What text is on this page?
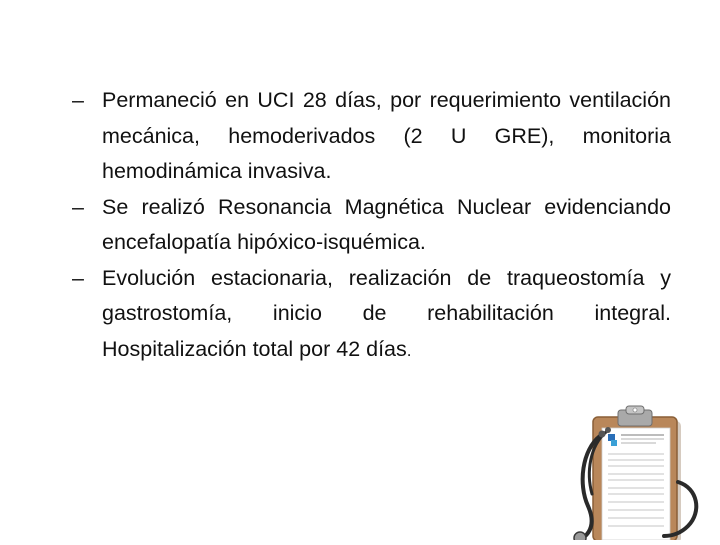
– Permaneció en UCI 28 días, por requerimiento ventilación mecánica, hemoderivados (2 U GRE), monitoria hemodinámica invasiva.
– Se realizó Resonancia Magnética Nuclear evidenciando encefalopatía hipóxico-isquémica.
– Evolución estacionaria, realización de traqueostomía y gastrostomía, inicio de rehabilitación integral. Hospitalización total por 42 días.
